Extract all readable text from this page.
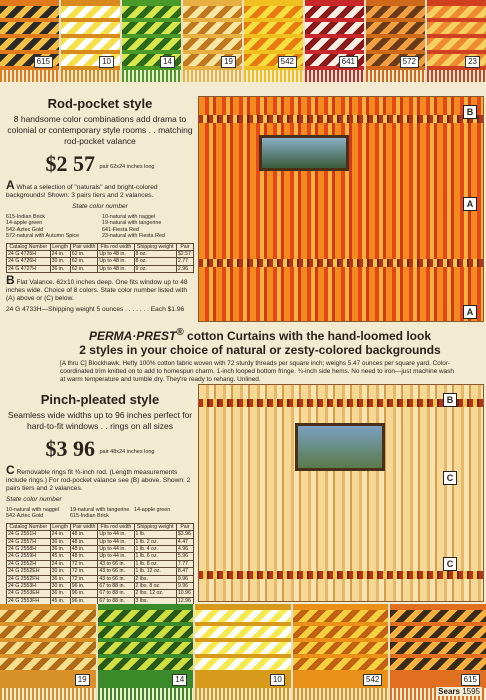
615	10	14	19	542	641	572	23
Rod-pocket style

8 handsome color combinations add drama to colonial or contemporary style rooms . . matching rod-pocket valance

$2 57 pair 62x24 inches long

A What a selection of "naturals" and bright-colored backgrounds! Shown: 3 pairs tiers and 2 valances.

State color number

615-Indian Brick	10-natural with naggel
14-apple green	19-natural with tangerine
542-Aztec Gold	641-Fiesta Red
572-natural with Autumn Spice	23-natural with Fiesta Red
Catalog Number	Length	Pair width	Fits rod width	Shipping weight	Pair
24 G 4725H	24 in.	62 in.	Up to 48 in.	8 oz.	$2.57
24 G 4726H	30 in.	62 in.	Up to 48 in.	8 oz.	2.77
24 G 4727H	36 in.	62 in.	Up to 48 in.	9 oz.	2.96

B Flat Valance. 62x10 inches deep. One fits window up to 48 inches wide. Choice of 8 colors. State color number listed with (A) above or (C) below.

24 G 4733H—Shipping weight 5 ounces . . . . . . . Each $1.96

B
A
A
PERMA·PREST® cotton Curtains with the hand-loomed look
2 styles in your choice of natural or zesty-colored backgrounds

[A thru C] Blockhawk. Hefty 100% cotton fabric woven with 72 sturdy threads per square inch; weighs 5.47 ounces per square yard. Color-coordinated trim knitted on to add to homespun charm. 1-inch looped bottom fringe. ¾-inch side hems. No need to iron—just machine wash at warm temperature and tumble dry. They're ready to rehang. Unlined.

Pinch-pleated style

Seamless wide widths up to 96 inches perfect for hard-to-fit windows . . rings on all sizes

$3 96 pair 48x24 inches long

C Removable rings fit ¾-inch rod. (Length measurements include rings.) For rod-pocket valance see (B) above. Shown: 2 pairs tiers and 2 valances.

State color number

10-natural with naggel	19-natural with tangerine 14-apple green
542-Aztec Gold	615-Indian Brick
Catalog Number	Length	Pair width	Fits rod width	Shipping weight	Pair
24 G 2551H	24 in.	48 in.	Up to 44 in.	1 lb.	$3.96
24 G 2557H	30 in.	48 in.	Up to 44 in.	1 lb. 2 oz.	4.47
24 G 2558H	36 in.	48 in.	Up to 44 in.	1 lb. 4 oz.	4.96
24 G 2559H	45 in.	48 in.	Up to 44 in.	1 lb. 6 oz.	5.96
24 G 2552H	24 in.	72 in.	43 to 66 in.	1 lb. 8 oz.	7.77
24 G 2552EH	30 in.	72 in.	43 to 66 in.	1 lb. 12 oz.	8.47
24 G 2552FH	36 in.	72 in.	43 to 66 in.	2 lbs.	9.96
24 G 2553H	30 in.	96 in.	67 to 88 in.	2 lbs. 8 oz.	9.96
24 G 2553EH	36 in.	96 in.	67 to 88 in.	2 lbs. 12 oz.	10.96
24 G 2553FH	45 in.	96 in.	67 to 88 in.	3 lbs.	12.96

B
C
C
19	14	10	542	615
Sears 1595
